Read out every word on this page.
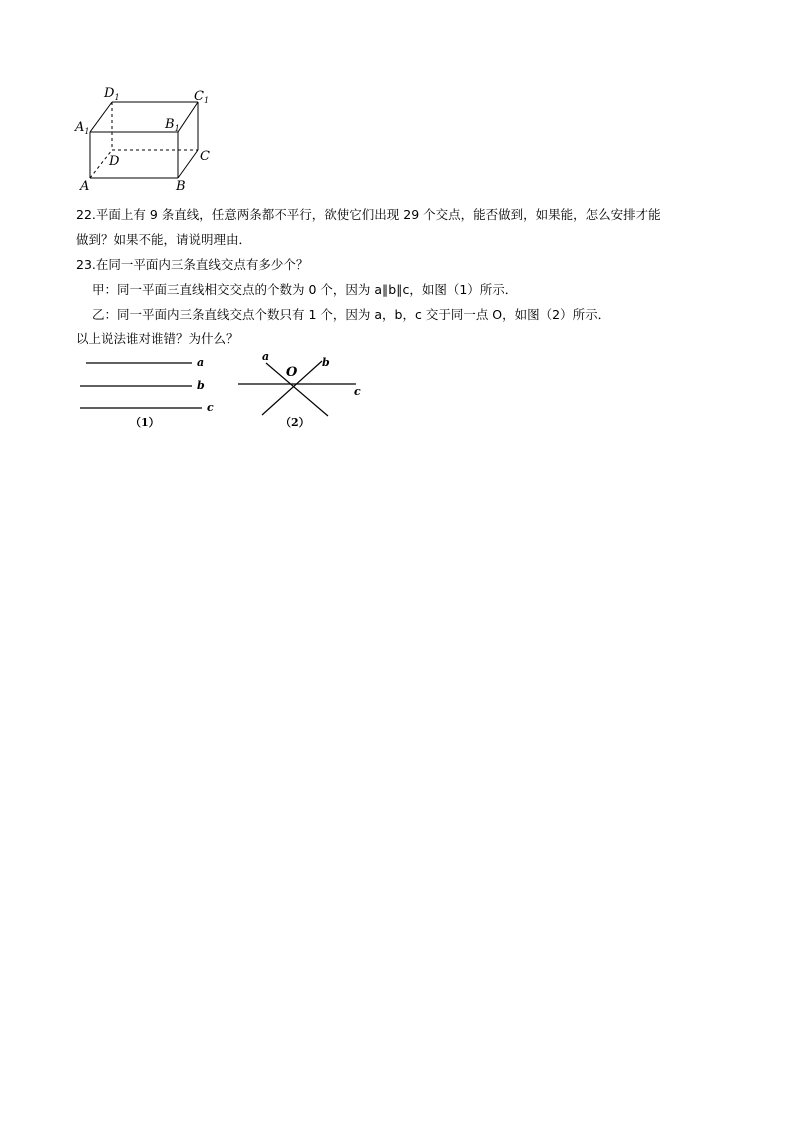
$D_1$	$C_1$
$A_1$	$B_1$
D	C
A	B
22.平面上有 9 条直线，任意两条都不平行，欲使它们出现 29 个交点，能否做到，如果能，怎么安排才能
做到？如果不能，请说明理由．
23.在同一平面内三条直线交点有多少个？
甲：同一平面三直线相交交点的个数为 0 个，因为 a∥b∥c，如图（1）所示．
乙：同一平面内三条直线交点个数只有 1 个，因为 a，b，c 交于同一点 O，如图（2）所示．
以上说法谁对谁错？为什么？
a
b
c
（1）
a	b
c
O
（2）
